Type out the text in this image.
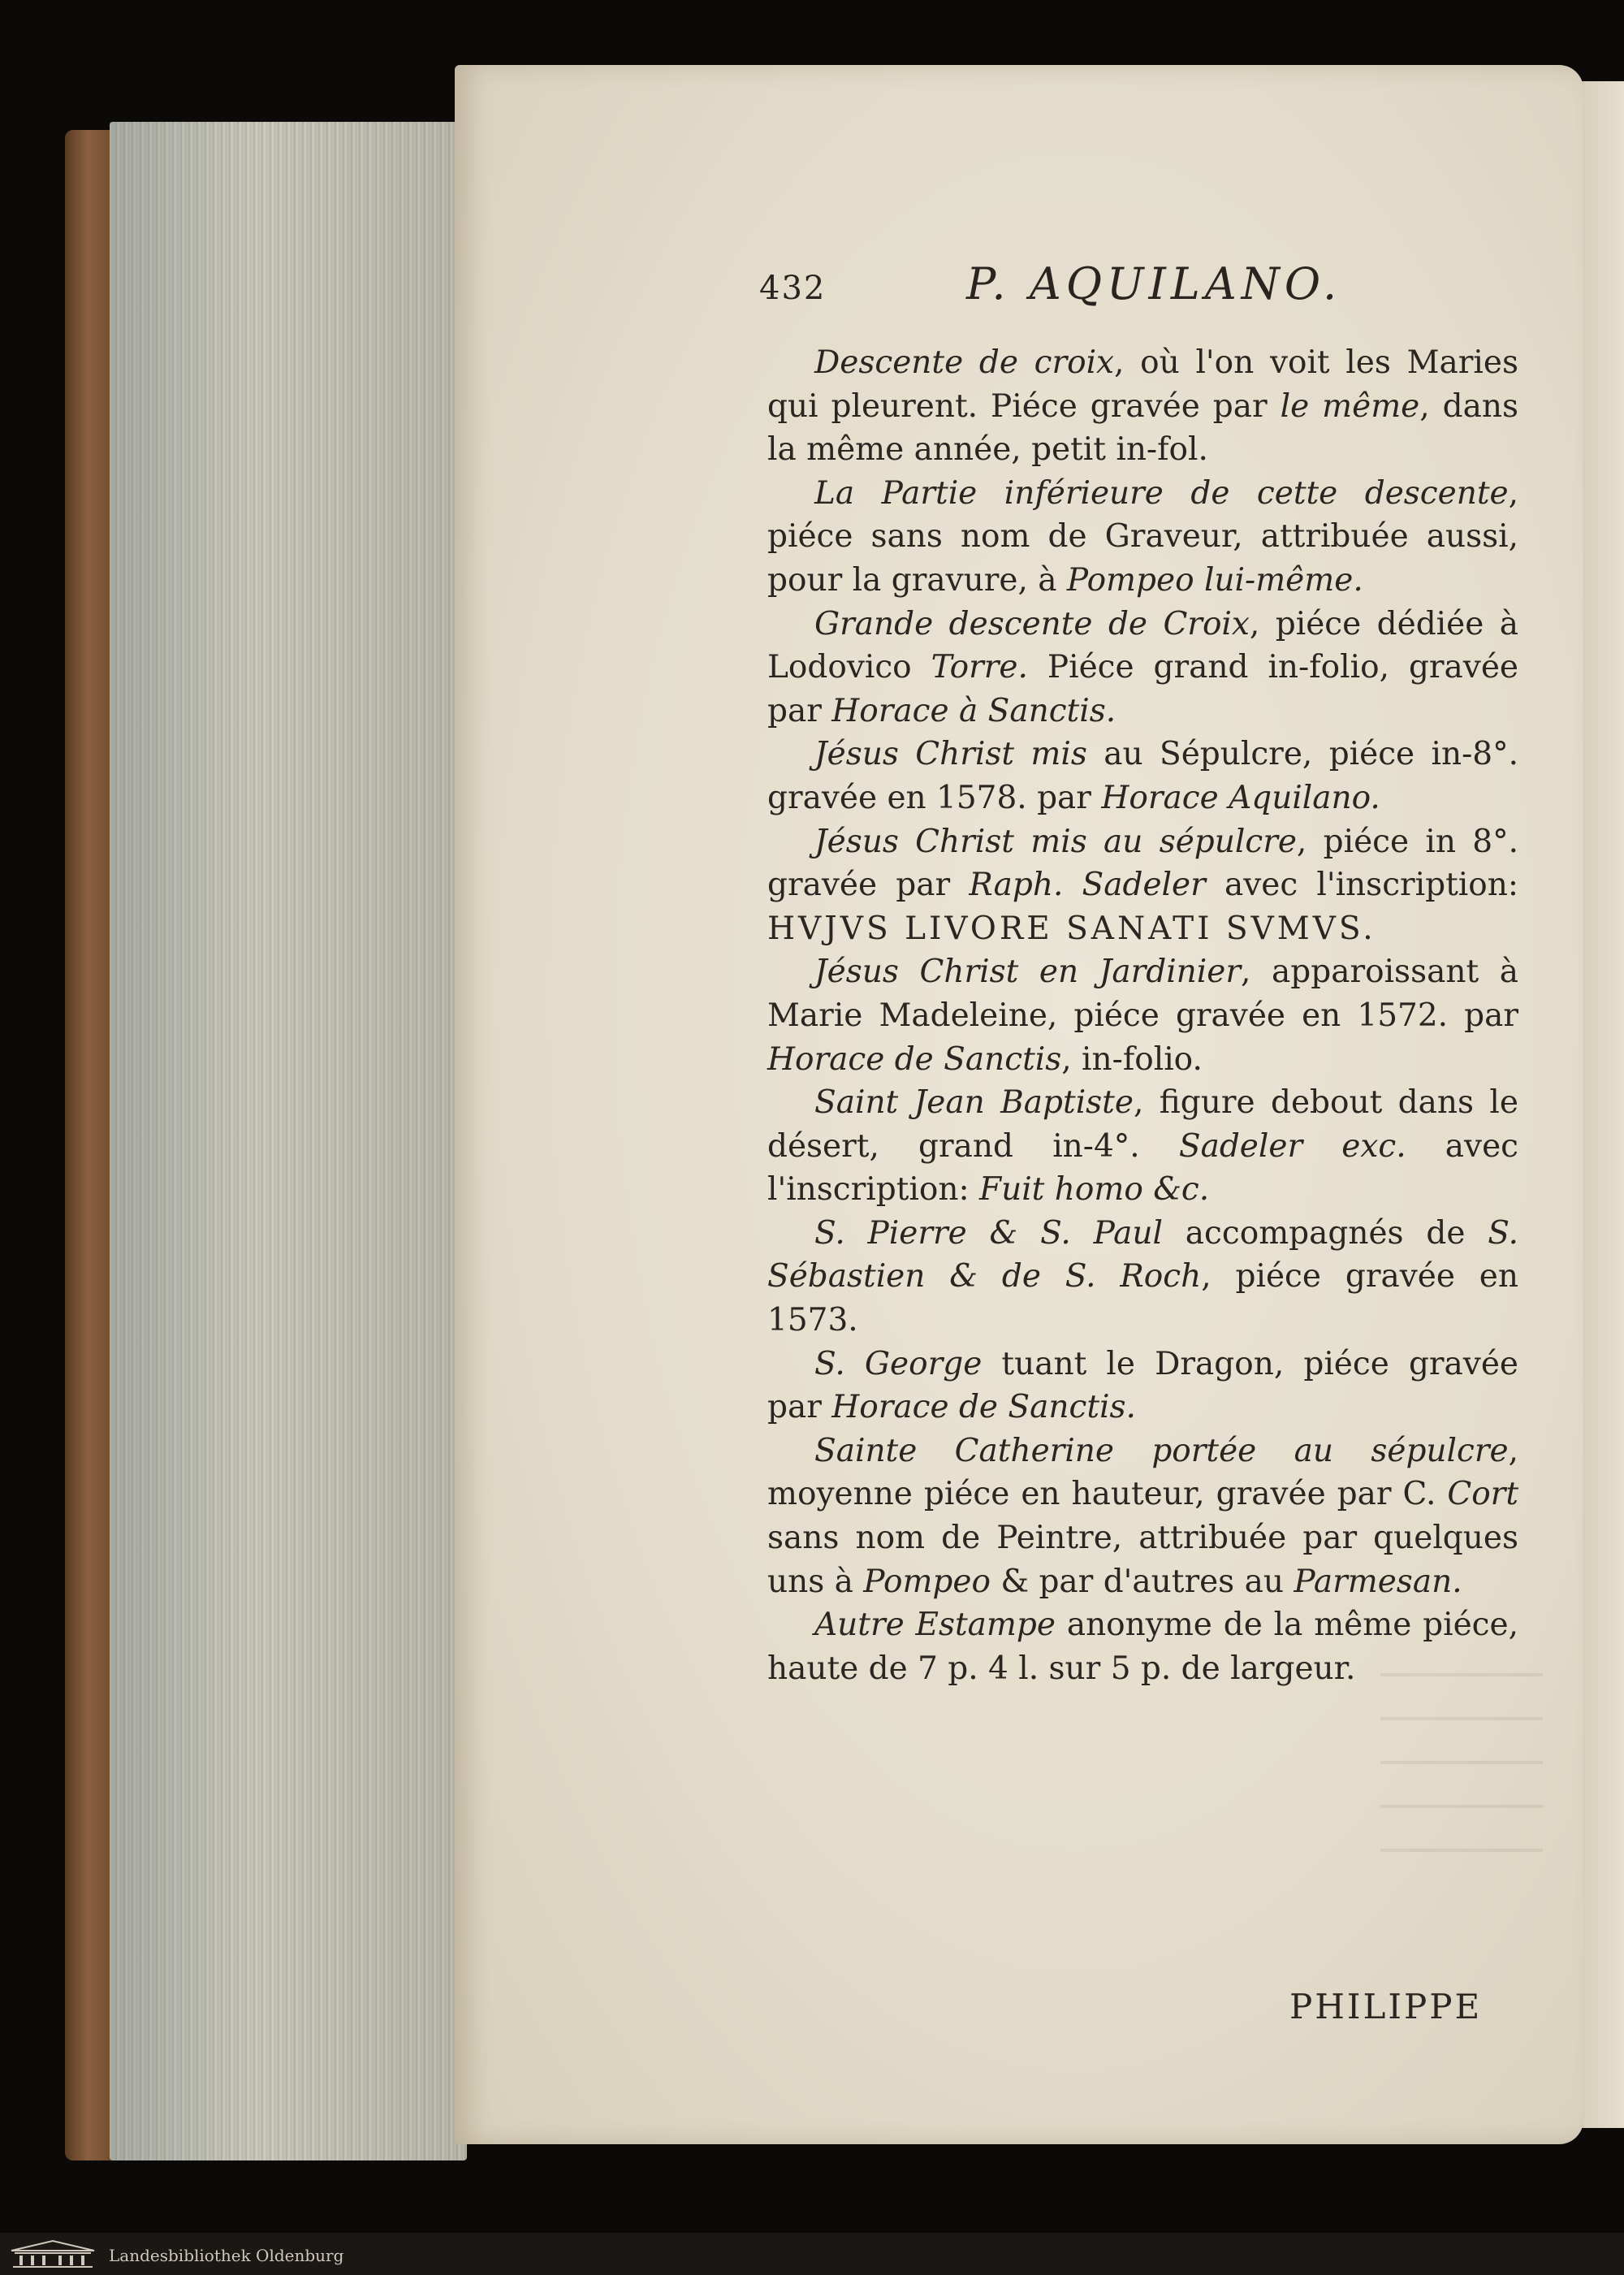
432	P. AQUILANO.

Descente de croix, où l'on voit les Maries qui pleurent. Piéce gravée par le même, dans la même année, petit in-fol.

La Partie inférieure de cette descente, piéce sans nom de Graveur, attribuée aussi, pour la gravure, à Pompeo lui-même.

Grande descente de Croix, piéce dédiée à Lodovico Torre. Piéce grand in-folio, gravée par Horace à Sanctis.

Jésus Christ mis au Sépulcre, piéce in-8°. gravée en 1578. par Horace Aquilano.

Jésus Christ mis au sépulcre, piéce in 8°. gravée par Raph. Sadeler avec l'inscription: HVJVS LIVORE SANATI SVMVS.

Jésus Christ en Jardinier, apparoissant à Marie Madeleine, piéce gravée en 1572. par Horace de Sanctis, in-folio.

Saint Jean Baptiste, figure debout dans le désert, grand in-4°. Sadeler exc. avec l'inscription: Fuit homo &c.

S. Pierre & S. Paul accompagnés de S. Sébastien & de S. Roch, piéce gravée en 1573.

S. George tuant le Dragon, piéce gravée par Horace de Sanctis.

Sainte Catherine portée au sépulcre, moyenne piéce en hauteur, gravée par C. Cort sans nom de Peintre, attribuée par quelques uns à Pompeo & par d'autres au Parmesan.

Autre Estampe anonyme de la même piéce, haute de 7 p. 4 l. sur 5 p. de largeur.

PHILIPPE
Landesbibliothek Oldenburg
